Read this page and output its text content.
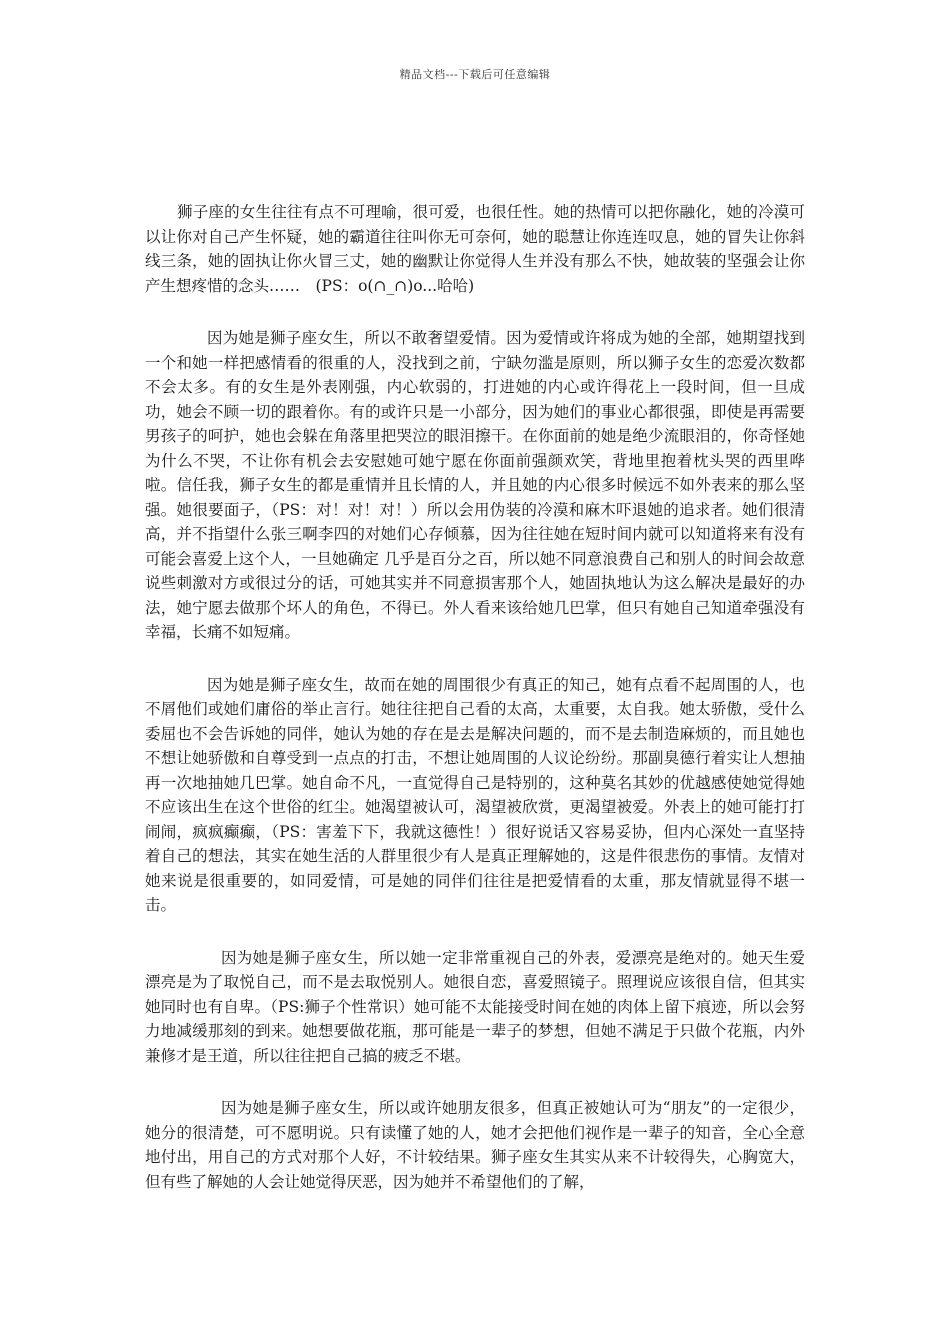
精品文档---下载后可任意编辑

狮子座的女生往往有点不可理喻，很可爱，也很任性。她的热情可以把你融化，她的冷漠可以让你对自己产生怀疑，她的霸道往往叫你无可奈何，她的聪慧让你连连叹息，她的冒失让你斜线三条，她的固执让你火冒三丈，她的幽默让你觉得人生并没有那么不快，她故装的坚强会让你产生想疼惜的念头……　(PS：o(∩_∩)o...哈哈)

因为她是狮子座女生，所以不敢奢望爱情。因为爱情或许将成为她的全部，她期望找到一个和她一样把感情看的很重的人，没找到之前，宁缺勿滥是原则，所以狮子女生的恋爱次数都不会太多。有的女生是外表刚强，内心软弱的，打进她的内心或许得花上一段时间，但一旦成功，她会不顾一切的跟着你。有的或许只是一小部分，因为她们的事业心都很强，即使是再需要男孩子的呵护，她也会躲在角落里把哭泣的眼泪擦干。在你面前的她是绝少流眼泪的，你奇怪她为什么不哭，不让你有机会去安慰她可她宁愿在你面前强颜欢笑，背地里抱着枕头哭的西里哗啦。信任我，狮子女生的都是重情并且长情的人，并且她的内心很多时候远不如外表来的那么坚强。她很要面子，（PS：对！对！对！）所以会用伪装的冷漠和麻木吓退她的追求者。她们很清高，并不指望什么张三啊李四的对她们心存倾慕，因为往往她在短时间内就可以知道将来有没有可能会喜爱上这个人，一旦她确定 几乎是百分之百，所以她不同意浪费自己和别人的时间会故意说些刺激对方或很过分的话，可她其实并不同意损害那个人，她固执地认为这么解决是最好的办法，她宁愿去做那个坏人的角色，不得已。外人看来该给她几巴掌，但只有她自己知道牵强没有幸福，长痛不如短痛。

因为她是狮子座女生，故而在她的周围很少有真正的知己，她有点看不起周围的人，也不屑他们或她们庸俗的举止言行。她往往把自己看的太高，太重要，太自我。她太骄傲，受什么委屈也不会告诉她的同伴，她认为她的存在是去是解决问题的，而不是去制造麻烦的，而且她也不想让她骄傲和自尊受到一点点的打击，不想让她周围的人议论纷纷。那副臭德行着实让人想抽再一次地抽她几巴掌。她自命不凡，一直觉得自己是特别的，这种莫名其妙的优越感使她觉得她不应该出生在这个世俗的红尘。她渴望被认可，渴望被欣赏，更渴望被爱。外表上的她可能打打闹闹，疯疯癫癫，（PS：害羞下下，我就这德性！）很好说话又容易妥协，但内心深处一直坚持着自己的想法，其实在她生活的人群里很少有人是真正理解她的，这是件很悲伤的事情。友情对她来说是很重要的，如同爱情，可是她的同伴们往往是把爱情看的太重，那友情就显得不堪一击。

因为她是狮子座女生，所以她一定非常重视自己的外表，爱漂亮是绝对的。她天生爱漂亮是为了取悦自己，而不是去取悦别人。她很自恋，喜爱照镜子。照理说应该很自信，但其实她同时也有自卑。（PS:狮子个性常识）她可能不太能接受时间在她的肉体上留下痕迹，所以会努力地减缓那刻的到来。她想要做花瓶，那可能是一辈子的梦想，但她不满足于只做个花瓶，内外兼修才是王道，所以往往把自己搞的疲乏不堪。

因为她是狮子座女生，所以或许她朋友很多，但真正被她认可为“朋友”的一定很少，她分的很清楚，可不愿明说。只有读懂了她的人，她才会把他们视作是一辈子的知音，全心全意地付出，用自己的方式对那个人好，不计较结果。狮子座女生其实从来不计较得失，心胸宽大，但有些了解她的人会让她觉得厌恶，因为她并不希望他们的了解，
